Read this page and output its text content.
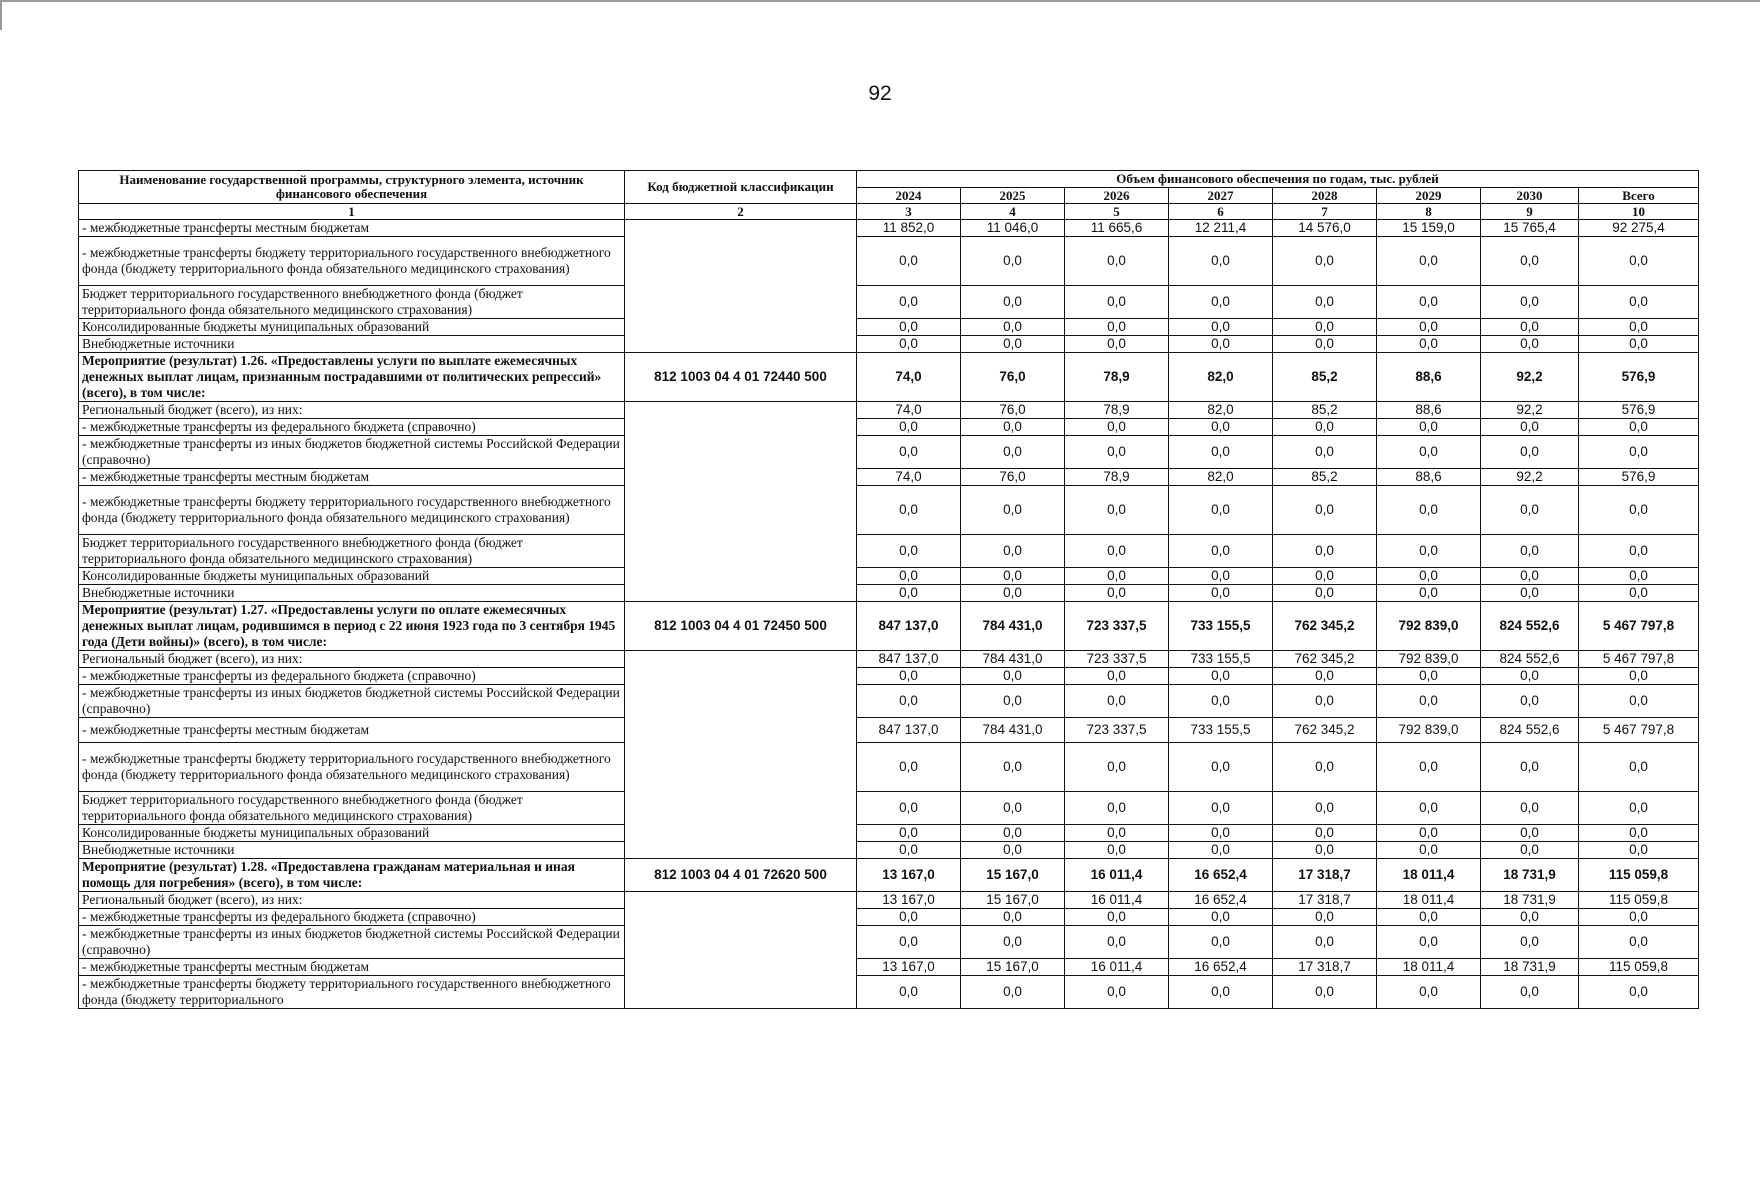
92
Наименование государственной программы, структурного элемента, источник финансового обеспечения	Код бюджетной классификации	Объем финансового обеспечения по годам, тыс. рублей							
		2024	2025	2026	2027	2028	2029	2030	Всего
1	2	3	4	5	6	7	8	9	10
- межбюджетные трансферты местным бюджетам		11 852,0	11 046,0	11 665,6	12 211,4	14 576,0	15 159,0	15 765,4	92 275,4
- межбюджетные трансферты бюджету территориального государственного внебюджетного фонда (бюджету территориального фонда обязательного медицинского страхования)		0,0	0,0	0,0	0,0	0,0	0,0	0,0	0,0
Бюджет территориального государственного внебюджетного фонда (бюджет территориального фонда обязательного медицинского страхования)		0,0	0,0	0,0	0,0	0,0	0,0	0,0	0,0
Консолидированные бюджеты муниципальных образований		0,0	0,0	0,0	0,0	0,0	0,0	0,0	0,0
Внебюджетные источники		0,0	0,0	0,0	0,0	0,0	0,0	0,0	0,0
Мероприятие (результат) 1.26. «Предоставлены услуги по выплате ежемесячных денежных выплат лицам, признанным пострадавшими от политических репрессий» (всего), в том числе:	812 1003 04 4 01 72440 500	74,0	76,0	78,9	82,0	85,2	88,6	92,2	576,9
Региональный бюджет (всего), из них:		74,0	76,0	78,9	82,0	85,2	88,6	92,2	576,9
- межбюджетные трансферты из федерального бюджета (справочно)		0,0	0,0	0,0	0,0	0,0	0,0	0,0	0,0
- межбюджетные трансферты из иных бюджетов бюджетной системы Российской Федерации (справочно)		0,0	0,0	0,0	0,0	0,0	0,0	0,0	0,0
- межбюджетные трансферты местным бюджетам		74,0	76,0	78,9	82,0	85,2	88,6	92,2	576,9
- межбюджетные трансферты бюджету территориального государственного внебюджетного фонда (бюджету территориального фонда обязательного медицинского страхования)		0,0	0,0	0,0	0,0	0,0	0,0	0,0	0,0
Бюджет территориального государственного внебюджетного фонда (бюджет территориального фонда обязательного медицинского страхования)		0,0	0,0	0,0	0,0	0,0	0,0	0,0	0,0
Консолидированные бюджеты муниципальных образований		0,0	0,0	0,0	0,0	0,0	0,0	0,0	0,0
Внебюджетные источники		0,0	0,0	0,0	0,0	0,0	0,0	0,0	0,0
Мероприятие (результат) 1.27. «Предоставлены услуги по оплате ежемесячных денежных выплат лицам, родившимся в период с 22 июня 1923 года по 3 сентября 1945 года (Дети войны)» (всего), в том числе:	812 1003 04 4 01 72450 500	847 137,0	784 431,0	723 337,5	733 155,5	762 345,2	792 839,0	824 552,6	5 467 797,8
Региональный бюджет (всего), из них:		847 137,0	784 431,0	723 337,5	733 155,5	762 345,2	792 839,0	824 552,6	5 467 797,8
- межбюджетные трансферты из федерального бюджета (справочно)		0,0	0,0	0,0	0,0	0,0	0,0	0,0	0,0
- межбюджетные трансферты из иных бюджетов бюджетной системы Российской Федерации (справочно)		0,0	0,0	0,0	0,0	0,0	0,0	0,0	0,0
- межбюджетные трансферты местным бюджетам		847 137,0	784 431,0	723 337,5	733 155,5	762 345,2	792 839,0	824 552,6	5 467 797,8
- межбюджетные трансферты бюджету территориального государственного внебюджетного фонда (бюджету территориального фонда обязательного медицинского страхования)		0,0	0,0	0,0	0,0	0,0	0,0	0,0	0,0
Бюджет территориального государственного внебюджетного фонда (бюджет территориального фонда обязательного медицинского страхования)		0,0	0,0	0,0	0,0	0,0	0,0	0,0	0,0
Консолидированные бюджеты муниципальных образований		0,0	0,0	0,0	0,0	0,0	0,0	0,0	0,0
Внебюджетные источники		0,0	0,0	0,0	0,0	0,0	0,0	0,0	0,0
Мероприятие (результат) 1.28. «Предоставлена гражданам материальная и иная помощь для погребения» (всего), в том числе:	812 1003 04 4 01 72620 500	13 167,0	15 167,0	16 011,4	16 652,4	17 318,7	18 011,4	18 731,9	115 059,8
Региональный бюджет (всего), из них:		13 167,0	15 167,0	16 011,4	16 652,4	17 318,7	18 011,4	18 731,9	115 059,8
- межбюджетные трансферты из федерального бюджета (справочно)		0,0	0,0	0,0	0,0	0,0	0,0	0,0	0,0
- межбюджетные трансферты из иных бюджетов бюджетной системы Российской Федерации (справочно)		0,0	0,0	0,0	0,0	0,0	0,0	0,0	0,0
- межбюджетные трансферты местным бюджетам		13 167,0	15 167,0	16 011,4	16 652,4	17 318,7	18 011,4	18 731,9	115 059,8
- межбюджетные трансферты бюджету территориального государственного внебюджетного фонда (бюджету территориального		0,0	0,0	0,0	0,0	0,0	0,0	0,0	0,0
